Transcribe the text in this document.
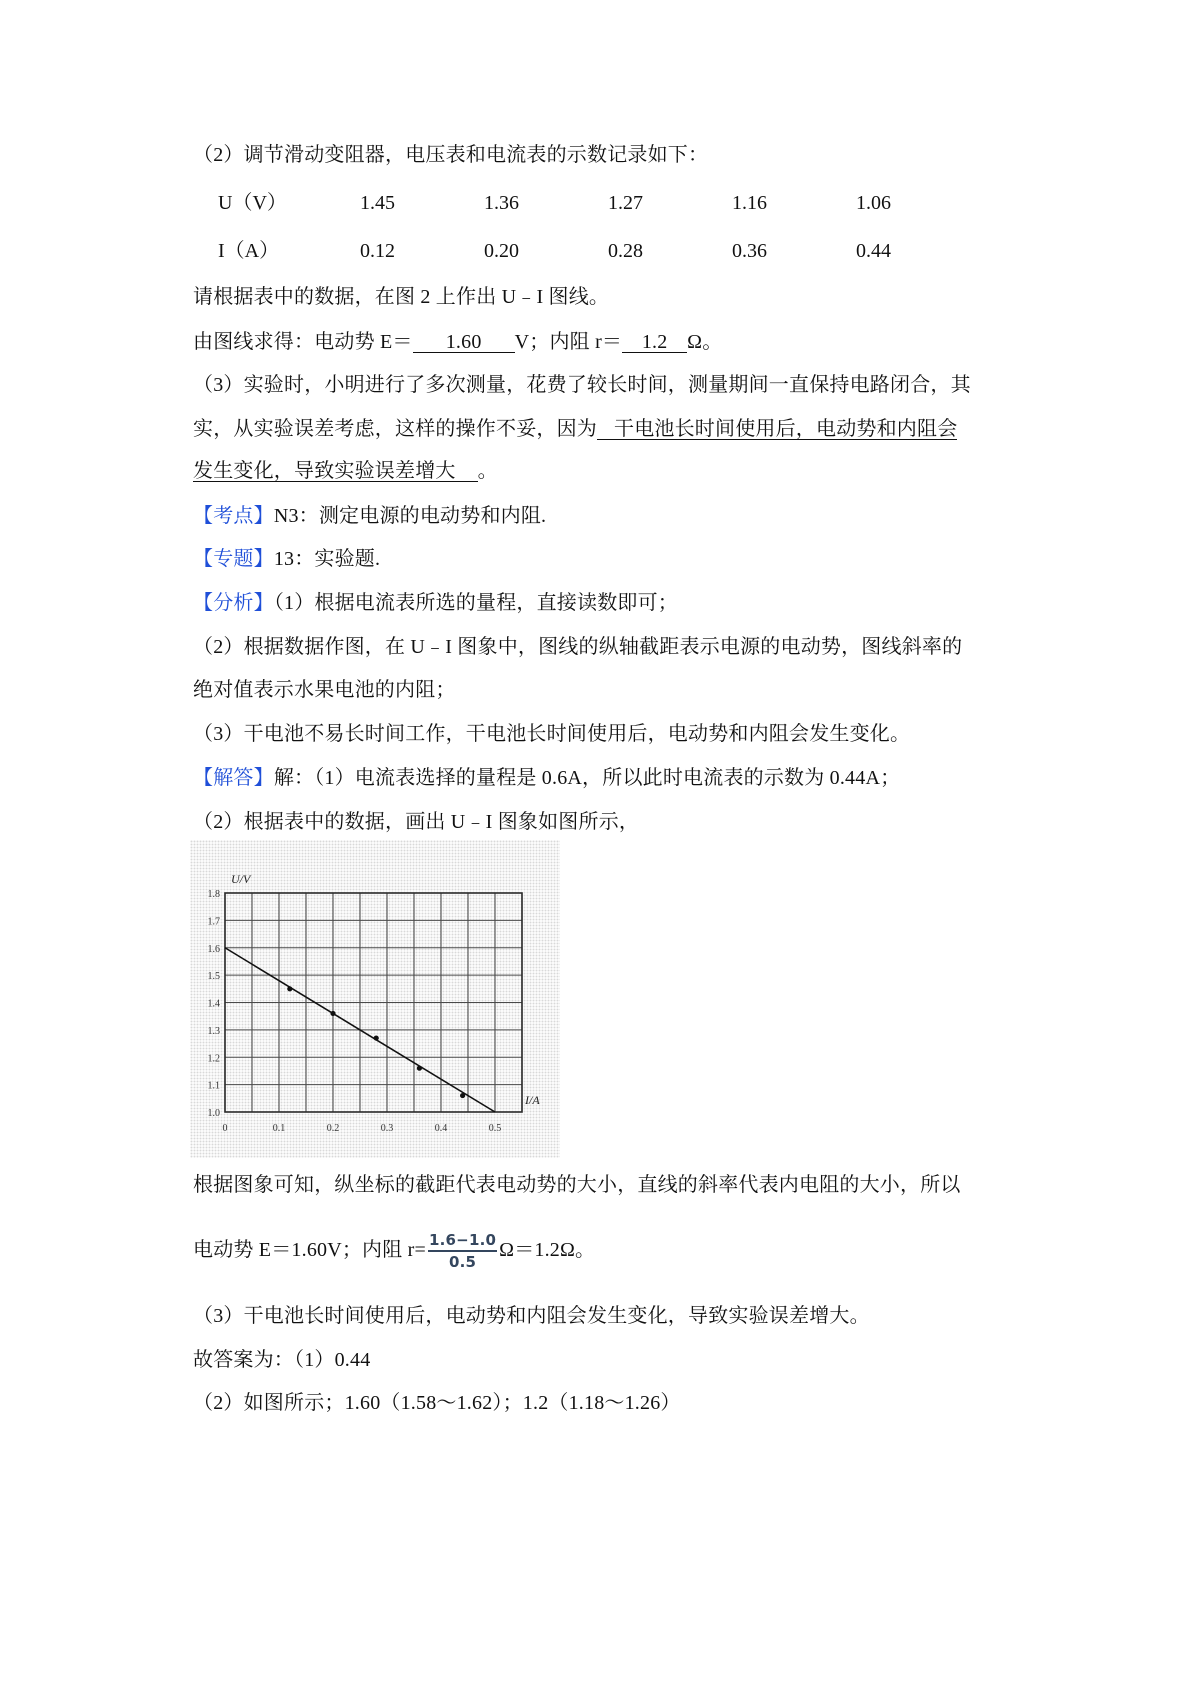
（2）调节滑动变阻器，电压表和电流表的示数记录如下：
U（V）	1.45	1.36	1.27	1.16	1.06
I（A）	0.12	0.20	0.28	0.36	0.44
请根据表中的数据，在图 2 上作出 U﹣I 图线。
由图线求得：电动势 E＝ 1.60 V；内阻 r＝ 1.2 Ω。
（3）实验时，小明进行了多次测量，花费了较长时间，测量期间一直保持电路闭合，其
实，从实验误差考虑，这样的操作不妥，因为 干电池长时间使用后，电动势和内阻会
发生变化，导致实验误差增大 。
【考点】N3：测定电源的电动势和内阻.
【专题】13：实验题.
【分析】（1）根据电流表所选的量程，直接读数即可；
（2）根据数据作图，在 U﹣I 图象中，图线的纵轴截距表示电源的电动势，图线斜率的
绝对值表示水果电池的内阻；
（3）干电池不易长时间工作，干电池长时间使用后，电动势和内阻会发生变化。
【解答】解：（1）电流表选择的量程是 0.6A，所以此时电流表的示数为 0.44A；
（2）根据表中的数据，画出 U﹣I 图象如图所示，
0	0.1	0.2	0.3	0.4	0.5
1.0
1.1
1.2
1.3
1.4
1.5
1.6
1.7
1.8
U/V
I/A
根据图象可知，纵坐标的截距代表电动势的大小，直线的斜率代表内电阻的大小，所以
电动势 E＝1.60V；内阻 $r= \frac{1.6-1.0}{0.5} \Omega=1.2\Omega$。
（3）干电池长时间使用后，电动势和内阻会发生变化，导致实验误差增大。
故答案为：（1）0.44
（2）如图所示；1.60（1.58～1.62）；1.2（1.18～1.26）
